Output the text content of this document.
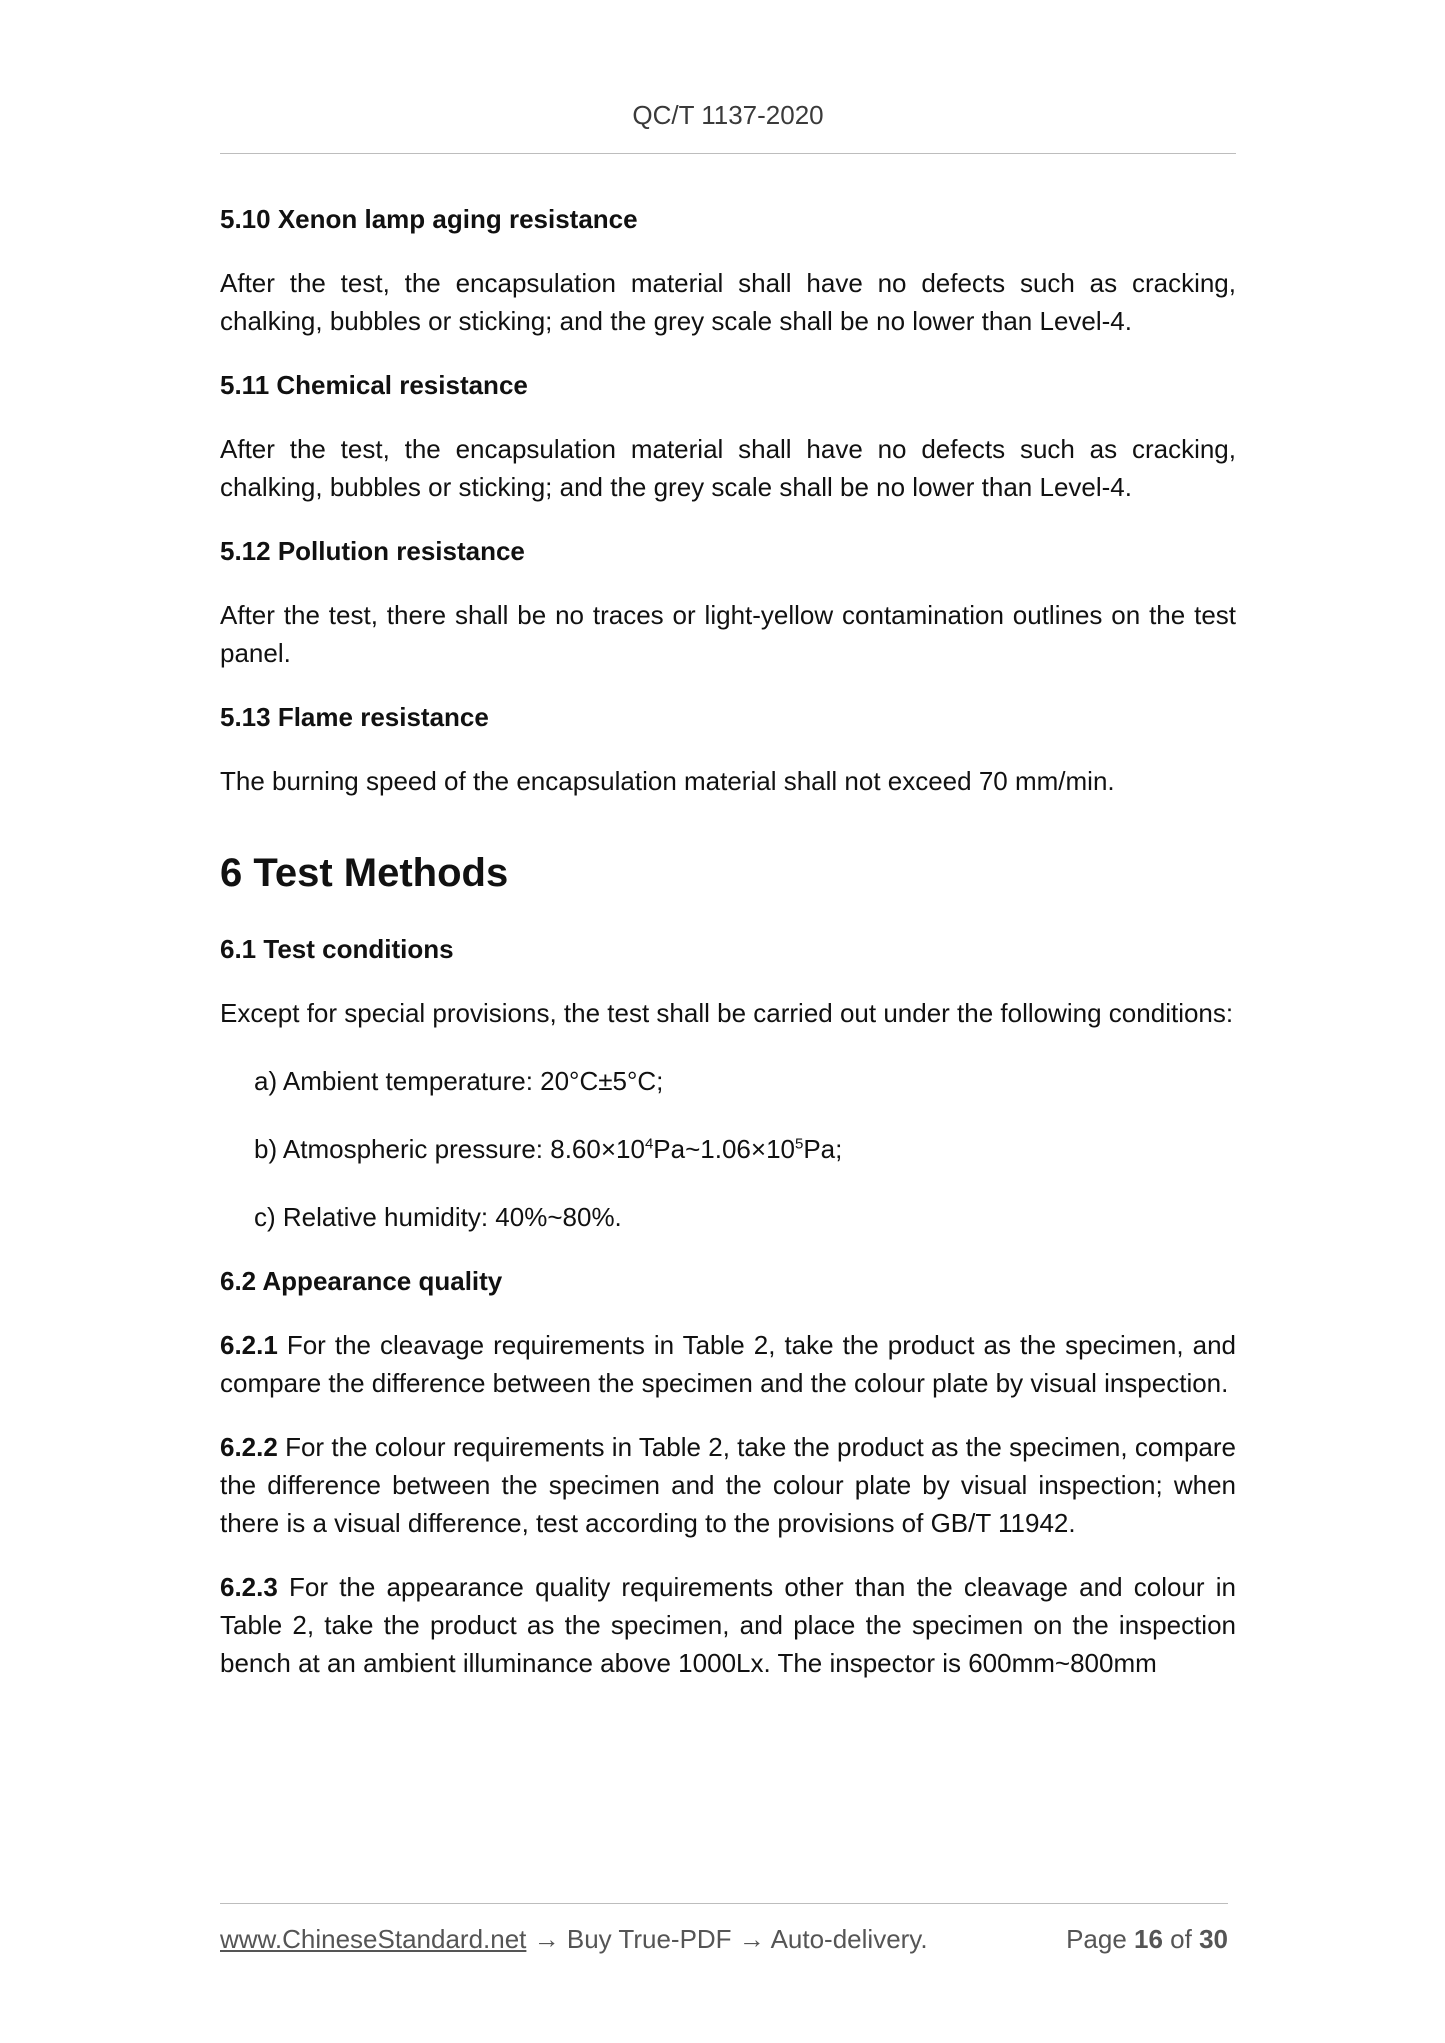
QC/T 1137-2020
5.10 Xenon lamp aging resistance

After the test, the encapsulation material shall have no defects such as cracking, chalking, bubbles or sticking; and the grey scale shall be no lower than Level-4.

5.11 Chemical resistance

After the test, the encapsulation material shall have no defects such as cracking, chalking, bubbles or sticking; and the grey scale shall be no lower than Level-4.

5.12 Pollution resistance

After the test, there shall be no traces or light-yellow contamination outlines on the test panel.

5.13 Flame resistance

The burning speed of the encapsulation material shall not exceed 70 mm/min.

6 Test Methods
6.1 Test conditions

Except for special provisions, the test shall be carried out under the following conditions:

a) Ambient temperature: 20°C±5°C;

b) Atmospheric pressure: $8.60\times 10^4Pa\sim 1.06\times 10^5Pa$;

c) Relative humidity: 40%~80%.

6.2 Appearance quality

6.2.1 For the cleavage requirements in Table 2, take the product as the specimen, and compare the difference between the specimen and the colour plate by visual inspection.

6.2.2 For the colour requirements in Table 2, take the product as the specimen, compare the difference between the specimen and the colour plate by visual inspection; when there is a visual difference, test according to the provisions of GB/T 11942.

6.2.3 For the appearance quality requirements other than the cleavage and colour in Table 2, take the product as the specimen, and place the specimen on the inspection bench at an ambient illuminance above 1000Lx. The inspector is 600mm~800mm

www.ChineseStandard.net → Buy True-PDF → Auto-delivery.	Page 16 of 30
